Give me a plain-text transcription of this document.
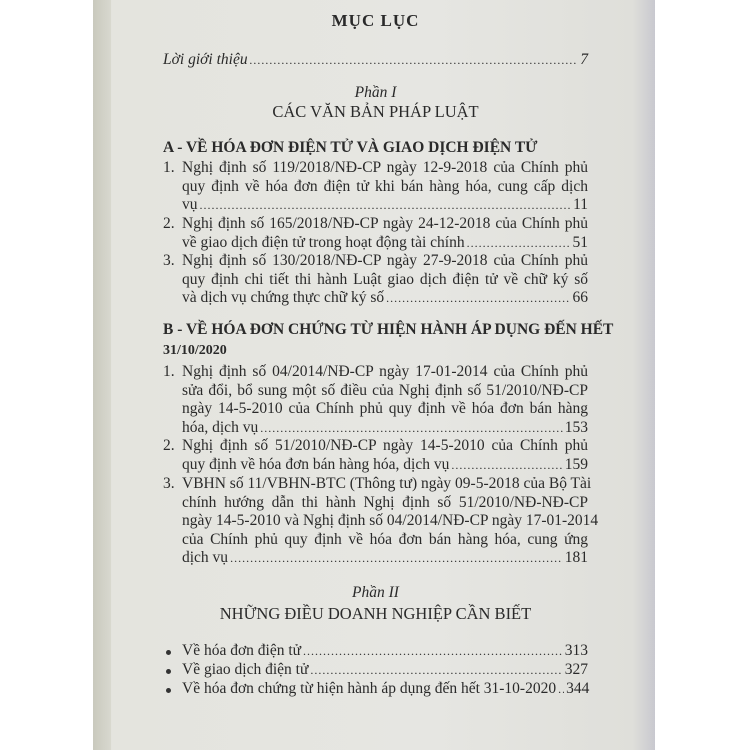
1. Nghị định số 119/2018/NĐ-CP ngày 12-9-2018 của Chính phủ
quy định về hóa đơn điện tử khi bán hàng hóa, cung cấp dịch
vụ .....	11
2. Nghị định số 165/2018/NĐ-CP ngày 24-12-2018 của Chính phủ
về giao dịch điện tử trong hoạt động tài chính .....	51
3. Nghị định số 130/2018/NĐ-CP ngày 27-9-2018 của Chính phủ
quy định chi tiết thi hành Luật giao dịch điện tử về chữ ký số
và dịch vụ chứng thực chữ ký số .....	66
1. Nghị định số 04/2014/NĐ-CP ngày 17-01-2014 của Chính phủ
sửa đổi, bổ sung một số điều của Nghị định số 51/2010/NĐ-CP
ngày 14-5-2010 của Chính phủ quy định về hóa đơn bán hàng
hóa, dịch vụ .....	153
2. Nghị định số 51/2010/NĐ-CP ngày 14-5-2010 của Chính phủ
quy định về hóa đơn bán hàng hóa, dịch vụ .....	159
3. VBHN số 11/VBHN-BTC (Thông tư) ngày 09-5-2018 của Bộ Tài
chính hướng dẫn thi hành Nghị định số 51/2010/NĐ-NĐ-CP
ngày 14-5-2010 và Nghị định số 04/2014/NĐ-CP ngày 17-01-2014
của Chính phủ quy định về hóa đơn bán hàng hóa, cung ứng
dịch vụ .....	181
Về hóa đơn điện tử .....	313
Về giao dịch điện tử .....	327
Về hóa đơn chứng từ hiện hành áp dụng đến hết 31-10-2020 ..... 344
MỤC LỤC
Lời giới thiệu .....	7
Phần I
CÁC VĂN BẢN PHÁP LUẬT
A - VỀ HÓA ĐƠN ĐIỆN TỬ VÀ GIAO DỊCH ĐIỆN TỬ
B - VỀ HÓA ĐƠN CHỨNG TỪ HIỆN HÀNH ÁP DỤNG ĐẾN HẾT
31/10/2020
Phần II
NHỮNG ĐIỀU DOANH NGHIỆP CẦN BIẾT
